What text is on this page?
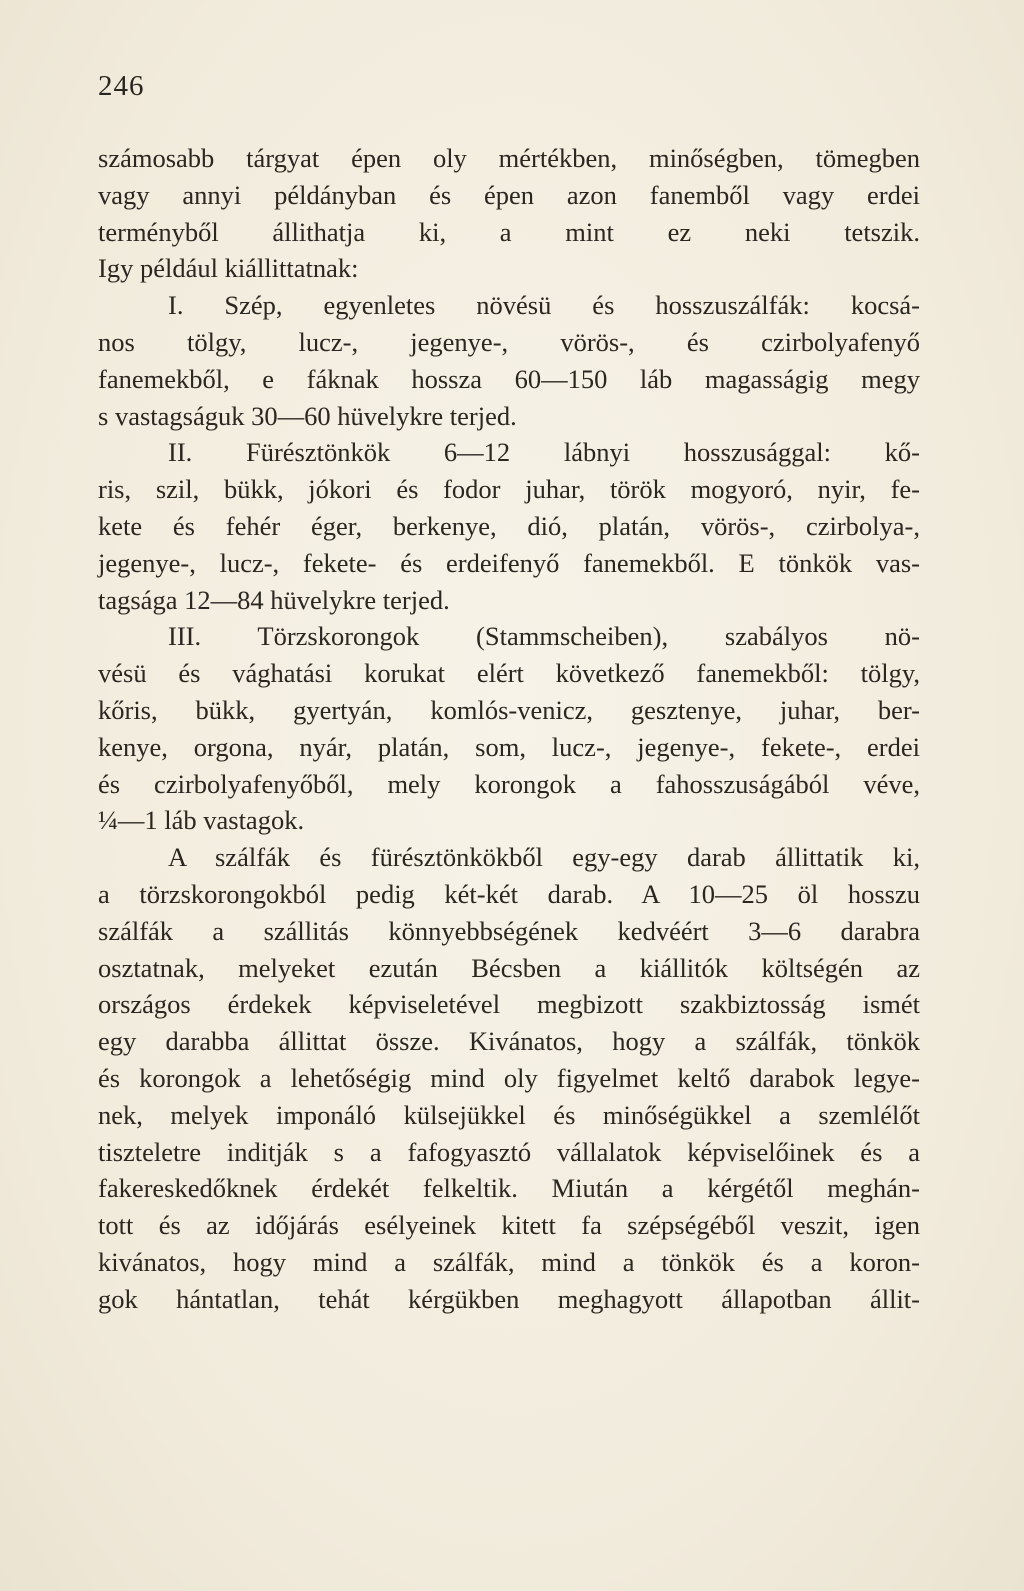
246
számosabb tárgyat épen oly mértékben, minőségben, tömegben
vagy annyi példányban és épen azon fanemből vagy erdei
terményből állithatja ki, a mint ez neki tetszik.
Igy például kiállittatnak:
I. Szép, egyenletes növésü és hosszuszálfák: kocsá-
nos tölgy, lucz-, jegenye-, vörös-, és czirbolyafenyő
fanemekből, e fáknak hossza 60—150 láb magasságig megy
s vastagságuk 30—60 hüvelykre terjed.
II. Fürésztönkök 6—12 lábnyi hosszusággal: kő-
ris, szil, bükk, jókori és fodor juhar, török mogyoró, nyir, fe-
kete és fehér éger, berkenye, dió, platán, vörös-, czirbolya-,
jegenye-, lucz-, fekete- és erdeifenyő fanemekből. E tönkök vas-
tagsága 12—84 hüvelykre terjed.
III. Törzskorongok (Stammscheiben), szabályos nö-
vésü és vághatási korukat elért következő fanemekből: tölgy,
kőris, bükk, gyertyán, komlós-venicz, gesztenye, juhar, ber-
kenye, orgona, nyár, platán, som, lucz-, jegenye-, fekete-, erdei
és czirbolyafenyőből, mely korongok a fahosszuságából véve,
¼—1 láb vastagok.
A szálfák és fürésztönkökből egy-egy darab állittatik ki,
a törzskorongokból pedig két-két darab. A 10—25 öl hosszu
szálfák a szállitás könnyebbségének kedvéért 3—6 darabra
osztatnak, melyeket ezután Bécsben a kiállitók költségén az
országos érdekek képviseletével megbizott szakbiztosság ismét
egy darabba állittat össze. Kivánatos, hogy a szálfák, tönkök
és korongok a lehetőségig mind oly figyelmet keltő darabok legye-
nek, melyek imponáló külsejükkel és minőségükkel a szemlélőt
tiszteletre inditják s a fafogyasztó vállalatok képviselőinek és a
fakereskedőknek érdekét felkeltik. Miután a kérgétől meghán-
tott és az időjárás esélyeinek kitett fa szépségéből veszit, igen
kivánatos, hogy mind a szálfák, mind a tönkök és a koron-
gok hántatlan, tehát kérgükben meghagyott állapotban állit-
